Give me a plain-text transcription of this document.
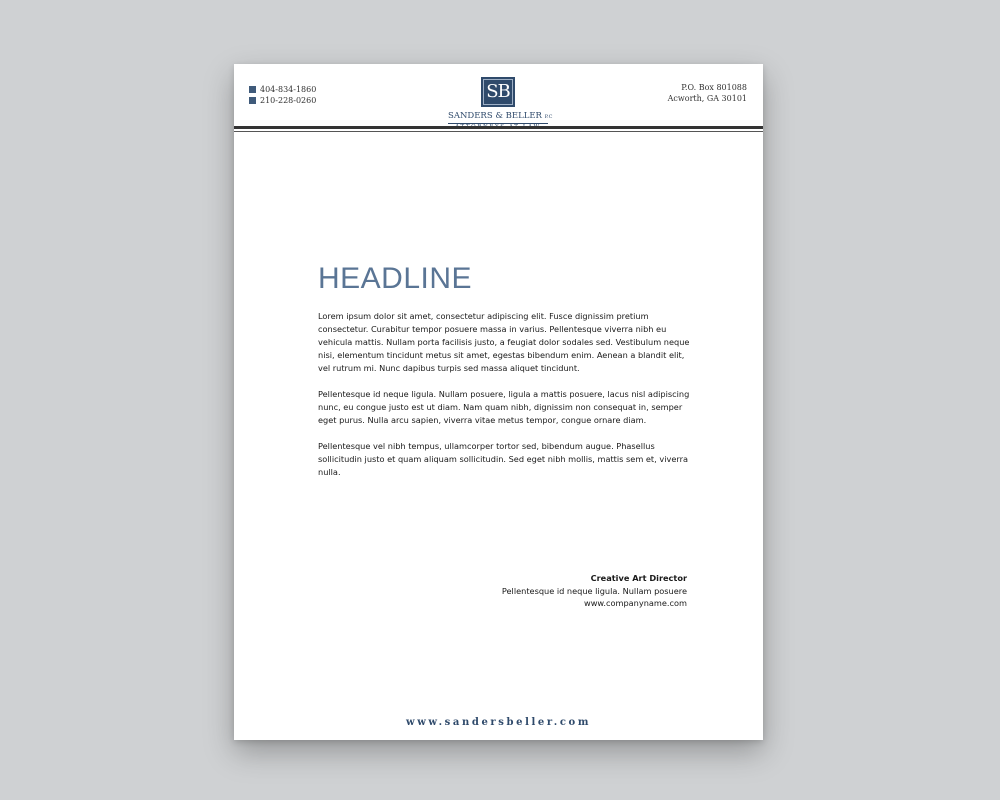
404-834-1860
210-228-0260	SB
SANDERS & BELLER P.C
P.O. Box 801088
Acworth, GA 30101
HEADLINE

Lorem ipsum dolor sit amet, consectetur adipiscing elit. Fusce dignissim pretium consectetur. Curabitur tempor posuere massa in varius. Pellentesque viverra nibh eu vehicula mattis. Nullam porta facilisis justo, a feugiat dolor sodales sed. Vestibulum neque nisi, elementum tincidunt metus sit amet, egestas bibendum enim. Aenean a blandit elit, vel rutrum mi. Nunc dapibus turpis sed massa aliquet tincidunt.

Pellentesque id neque ligula. Nullam posuere, ligula a mattis posuere, lacus nisl adipiscing nunc, eu congue justo est ut diam. Nam quam nibh, dignissim non consequat in, semper eget purus. Nulla arcu sapien, viverra vitae metus tempor, congue ornare diam.

Pellentesque vel nibh tempus, ullamcorper tortor sed, bibendum augue. Phasellus sollicitudin justo et quam aliquam sollicitudin. Sed eget nibh mollis, mattis sem et, viverra nulla.

Creative Art Director
Pellentesque id neque ligula. Nullam posuere
www.companyname.com
www.sandersbeller.com
